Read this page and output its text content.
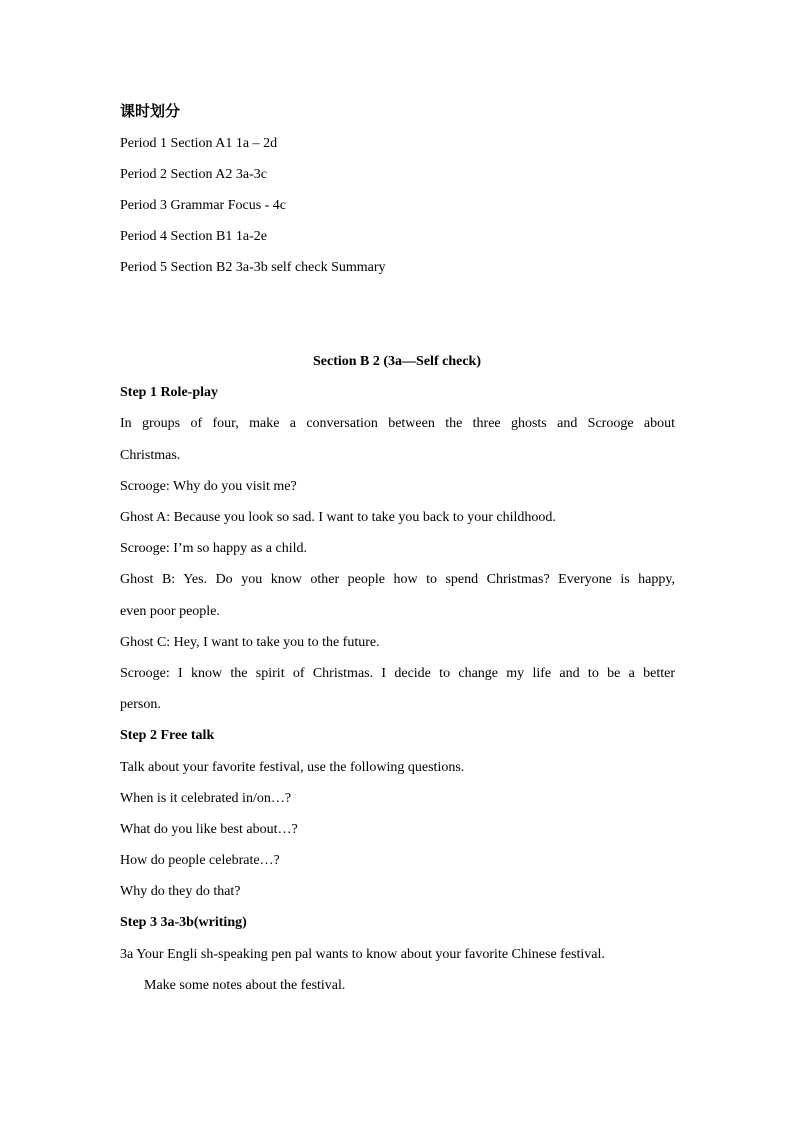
课时划分
Period 1 Section A1 1a – 2d
Period 2 Section A2 3a-3c
Period 3 Grammar Focus - 4c
Period 4 Section B1 1a-2e
Period 5 Section B2 3a-3b self check Summary
Section B 2 (3a—Self check)
Step 1 Role-play
In groups of four, make a conversation between the three ghosts and Scrooge about
Christmas.
Scrooge: Why do you visit me?
Ghost A: Because you look so sad. I want to take you back to your childhood.
Scrooge: I’m so happy as a child.
Ghost B: Yes. Do you know other people how to spend Christmas? Everyone is happy,
even poor people.
Ghost C: Hey, I want to take you to the future.
Scrooge: I know the spirit of Christmas. I decide to change my life and to be a better
person.
Step 2 Free talk
Talk about your favorite festival, use the following questions.
When is it celebrated in/on…?
What do you like best about…?
How do people celebrate…?
Why do they do that?
Step 3 3a-3b(writing)
3a Your Engli sh-speaking pen pal wants to know about your favorite Chinese festival.
Make some notes about the festival.
